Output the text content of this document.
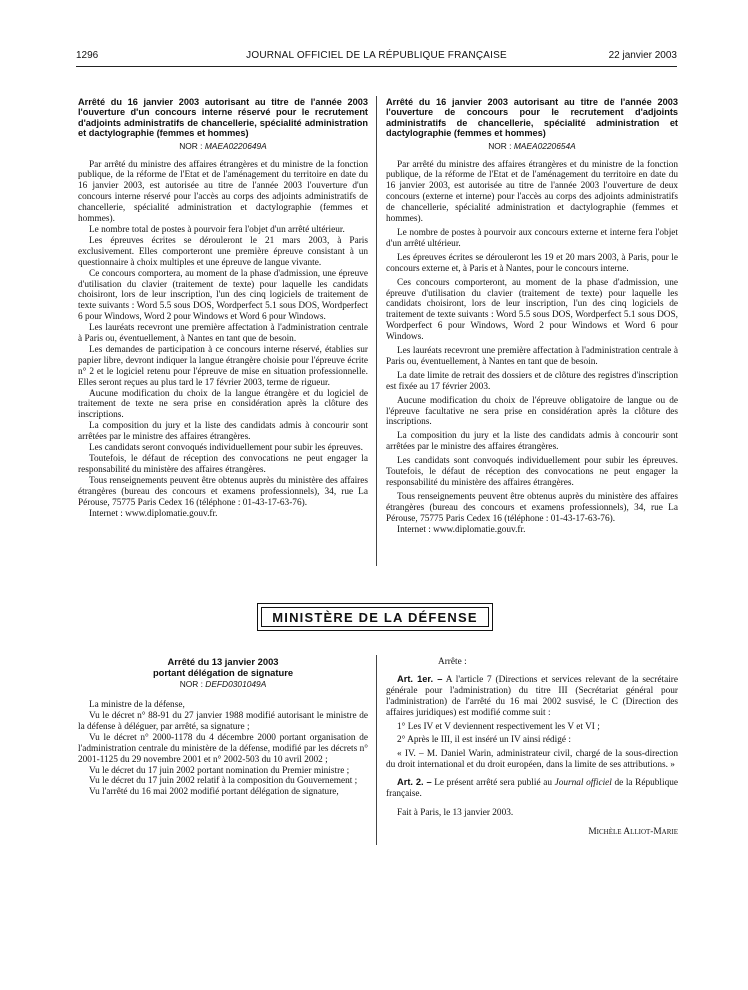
1296	JOURNAL OFFICIEL DE LA RÉPUBLIQUE FRANÇAISE	22 janvier 2003
Arrêté du 16 janvier 2003 autorisant au titre de l'année 2003 l'ouverture d'un concours interne réservé pour le recrutement d'adjoints administratifs de chancellerie, spécialité administration et dactylographie (femmes et hommes)
NOR : MAEA0220649A

Par arrêté du ministre des affaires étrangères et du ministre de la fonction publique, de la réforme de l'Etat et de l'aménagement du territoire en date du 16 janvier 2003, est autorisée au titre de l'année 2003 l'ouverture d'un concours interne réservé pour l'accès au corps des adjoints administratifs de chancellerie, spécialité administration et dactylographie (femmes et hommes).

Le nombre total de postes à pourvoir fera l'objet d'un arrêté ultérieur.

Les épreuves écrites se dérouleront le 21 mars 2003, à Paris exclusivement. Elles comporteront une première épreuve consistant à un questionnaire à choix multiples et une épreuve de langue vivante.

Ce concours comportera, au moment de la phase d'admission, une épreuve d'utilisation du clavier (traitement de texte) pour laquelle les candidats choisiront, lors de leur inscription, l'un des cinq logiciels de traitement de texte suivants : Word 5.5 sous DOS, Wordperfect 5.1 sous DOS, Wordperfect 6 pour Windows, Word 2 pour Windows et Word 6 pour Windows.

Les lauréats recevront une première affectation à l'administration centrale à Paris ou, éventuellement, à Nantes en tant que de besoin.

Les demandes de participation à ce concours interne réservé, établies sur papier libre, devront indiquer la langue étrangère choisie pour l'épreuve écrite n° 2 et le logiciel retenu pour l'épreuve de mise en situation professionnelle. Elles seront reçues au plus tard le 17 février 2003, terme de rigueur.

Aucune modification du choix de la langue étrangère et du logiciel de traitement de texte ne sera prise en considération après la clôture des inscriptions.

La composition du jury et la liste des candidats admis à concourir sont arrêtées par le ministre des affaires étrangères.

Les candidats seront convoqués individuellement pour subir les épreuves.

Toutefois, le défaut de réception des convocations ne peut engager la responsabilité du ministère des affaires étrangères.

Tous renseignements peuvent être obtenus auprès du ministère des affaires étrangères (bureau des concours et examens professionnels), 34, rue La Pérouse, 75775 Paris Cedex 16 (téléphone : 01-43-17-63-76).

Internet : www.diplomatie.gouv.fr.

Arrêté du 16 janvier 2003 autorisant au titre de l'année 2003 l'ouverture de concours pour le recrutement d'adjoints administratifs de chancellerie, spécialité administration et dactylographie (femmes et hommes)
NOR : MAEA0220654A

Par arrêté du ministre des affaires étrangères et du ministre de la fonction publique, de la réforme de l'Etat et de l'aménagement du territoire en date du 16 janvier 2003, est autorisée au titre de l'année 2003 l'ouverture de deux concours (externe et interne) pour l'accès au corps des adjoints administratifs de chancellerie, spécialité administration et dactylographie (femmes et hommes).

Le nombre de postes à pourvoir aux concours externe et interne fera l'objet d'un arrêté ultérieur.

Les épreuves écrites se dérouleront les 19 et 20 mars 2003, à Paris, pour le concours externe et, à Paris et à Nantes, pour le concours interne.

Ces concours comporteront, au moment de la phase d'admission, une épreuve d'utilisation du clavier (traitement de texte) pour laquelle les candidats choisiront, lors de leur inscription, l'un des cinq logiciels de traitement de texte suivants : Word 5.5 sous DOS, Wordperfect 5.1 sous DOS, Wordperfect 6 pour Windows, Word 2 pour Windows et Word 6 pour Windows.

Les lauréats recevront une première affectation à l'administration centrale à Paris ou, éventuellement, à Nantes en tant que de besoin.

La date limite de retrait des dossiers et de clôture des registres d'inscription est fixée au 17 février 2003.

Aucune modification du choix de l'épreuve obligatoire de langue ou de l'épreuve facultative ne sera prise en considération après la clôture des inscriptions.

La composition du jury et la liste des candidats admis à concourir sont arrêtées par le ministre des affaires étrangères.

Les candidats sont convoqués individuellement pour subir les épreuves. Toutefois, le défaut de réception des convocations ne peut engager la responsabilité du ministère des affaires étrangères.

Tous renseignements peuvent être obtenus auprès du ministère des affaires étrangères (bureau des concours et examens professionnels), 34, rue La Pérouse, 75775 Paris Cedex 16 (téléphone : 01-43-17-63-76).

Internet : www.diplomatie.gouv.fr.

MINISTÈRE DE LA DÉFENSE
Arrêté du 13 janvier 2003
portant délégation de signature
NOR : DEFD0301049A

La ministre de la défense,

Vu le décret n° 88-91 du 27 janvier 1988 modifié autorisant le ministre de la défense à déléguer, par arrêté, sa signature ;

Vu le décret n° 2000-1178 du 4 décembre 2000 portant organisation de l'administration centrale du ministère de la défense, modifié par les décrets n° 2001-1125 du 29 novembre 2001 et n° 2002-503 du 10 avril 2002 ;

Vu le décret du 17 juin 2002 portant nomination du Premier ministre ;

Vu le décret du 17 juin 2002 relatif à la composition du Gouvernement ;

Vu l'arrêté du 16 mai 2002 modifié portant délégation de signature,

Arrête :

Art. 1er. – A l'article 7 (Directions et services relevant de la secrétaire générale pour l'administration) du titre III (Secrétariat général pour l'administration) de l'arrêté du 16 mai 2002 susvisé, le C (Direction des affaires juridiques) est modifié comme suit :

1° Les IV et V deviennent respectivement les V et VI ;

2° Après le III, il est inséré un IV ainsi rédigé :

« IV. – M. Daniel Warin, administrateur civil, chargé de la sous-direction du droit international et du droit européen, dans la limite de ses attributions. »

Art. 2. – Le présent arrêté sera publié au Journal officiel de la République française.

Fait à Paris, le 13 janvier 2003.

Michèle Alliot-Marie
